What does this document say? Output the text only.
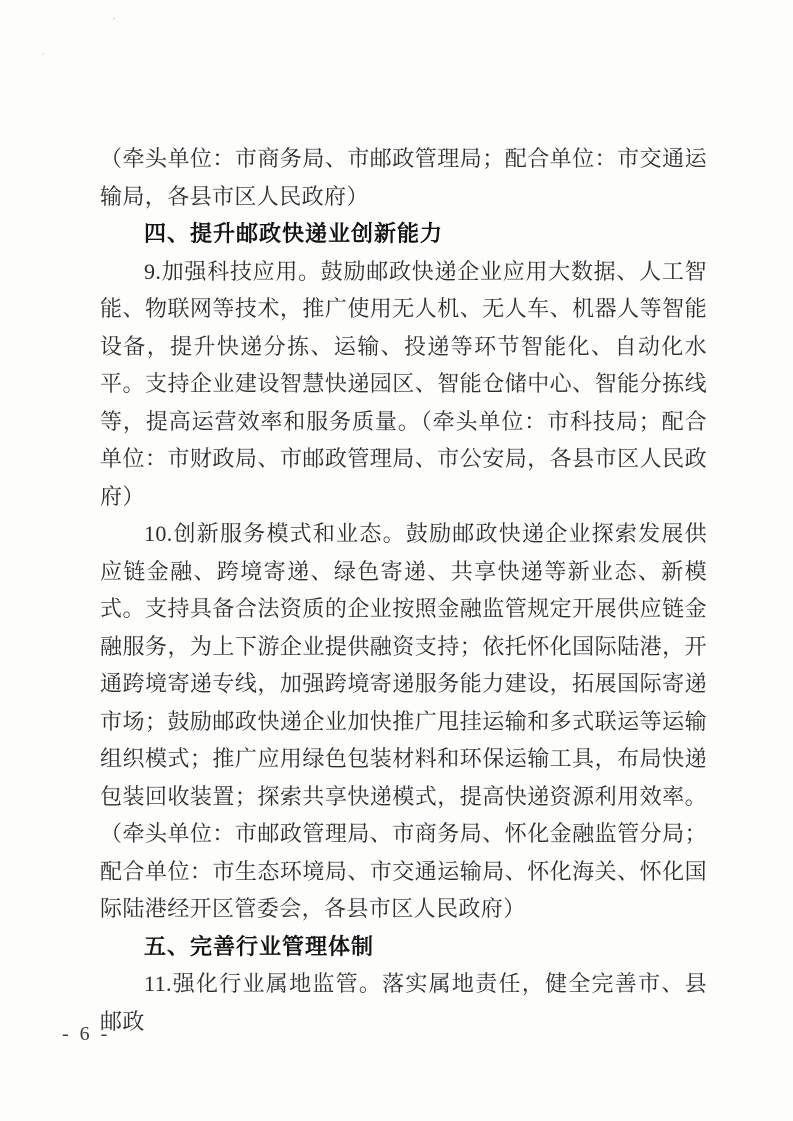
（牵头单位：市商务局、市邮政管理局；配合单位：市交通运输局，各县市区人民政府）

四、提升邮政快递业创新能力

9.加强科技应用。鼓励邮政快递企业应用大数据、人工智能、物联网等技术，推广使用无人机、无人车、机器人等智能设备，提升快递分拣、运输、投递等环节智能化、自动化水平。支持企业建设智慧快递园区、智能仓储中心、智能分拣线等，提高运营效率和服务质量。（牵头单位：市科技局；配合单位：市财政局、市邮政管理局、市公安局，各县市区人民政府）

10.创新服务模式和业态。鼓励邮政快递企业探索发展供应链金融、跨境寄递、绿色寄递、共享快递等新业态、新模式。支持具备合法资质的企业按照金融监管规定开展供应链金融服务，为上下游企业提供融资支持；依托怀化国际陆港，开通跨境寄递专线，加强跨境寄递服务能力建设，拓展国际寄递市场；鼓励邮政快递企业加快推广甩挂运输和多式联运等运输组织模式；推广应用绿色包装材料和环保运输工具，布局快递包装回收装置；探索共享快递模式，提高快递资源利用效率。（牵头单位：市邮政管理局、市商务局、怀化金融监管分局；配合单位：市生态环境局、市交通运输局、怀化海关、怀化国际陆港经开区管委会，各县市区人民政府）

五、完善行业管理体制

11.强化行业属地监管。落实属地责任，健全完善市、县邮政

- 6 -
